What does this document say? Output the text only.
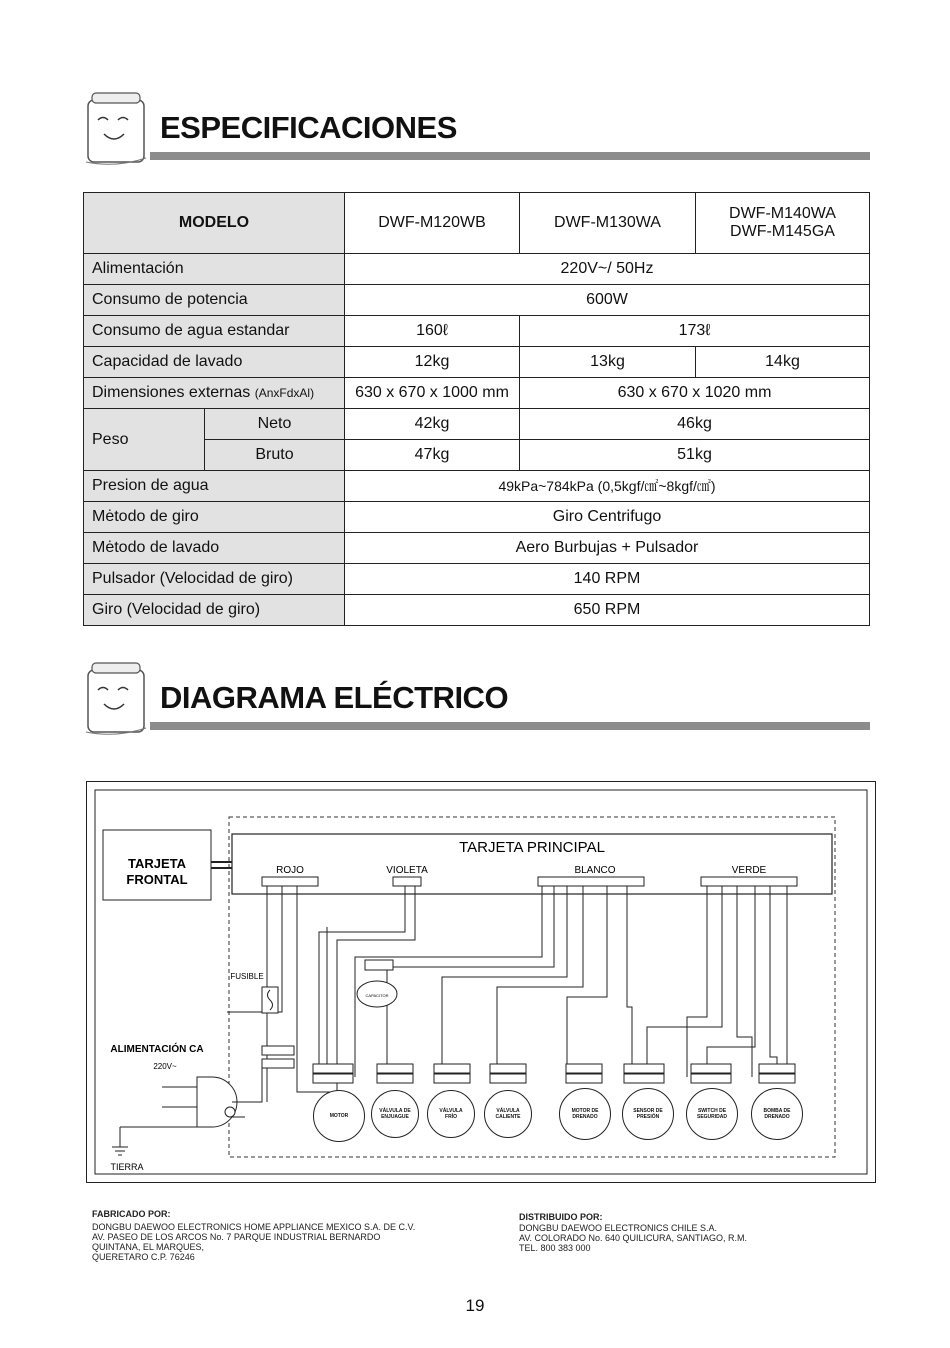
ESPECIFICACIONES
MODELO		DWF-M120WB	DWF-M130WA	DWF-M140WA
DWF-M145GA
Alimentación		220V~/ 50Hz		
Consumo de potencia		600W		
Consumo de agua estandar		160ℓ	173ℓ	
Capacidad de lavado		12kg	13kg	14kg
Dimensiones externas (AnxFdxAl)		630 x 670 x 1000 mm	630 x 670 x 1020 mm	
Peso	Neto	42kg	46kg	
	Bruto	47kg	51kg	
Presion de agua		49kPa~784kPa (0,5kgf/㎠~8kgf/㎠)		
Mėtodo de giro		Giro Centrifugo		
Mėtodo de lavado		Aero Burbujas + Pulsador		
Pulsador (Velocidad de giro)		140 RPM		
Giro (Velocidad de giro)		650 RPM		
DIAGRAMA ELÉCTRICO
TARJETA PRINCIPAL
TARJETA
FRONTAL
ROJO	VIOLETA	BLANCO	VERDE
FUSIBLE
CAPACITOR
ALIMENTACIÓN CA
220V~
TIERRA
MOTOR
VÁLVULA DE
ENJUAGUE
VÁLVULA
FRÍO
VÁLVULA
CALIENTE
MOTOR DE
DRENADO
SENSOR DE
PRESIÓN
SWITCH DE
SEGURIDAD
BOMBA DE
DRENADO
FABRICADO POR:
DONGBU DAEWOO ELECTRONICS HOME APPLIANCE MEXICO S.A. DE C.V.
AV. PASEO DE LOS ARCOS No. 7 PARQUE INDUSTRIAL BERNARDO
QUINTANA, EL MARQUES,
QUERETARO C.P. 76246
DISTRIBUIDO POR:
DONGBU DAEWOO ELECTRONICS CHILE S.A.
AV. COLORADO No. 640 QUILICURA, SANTIAGO, R.M.
TEL. 800 383 000
19
